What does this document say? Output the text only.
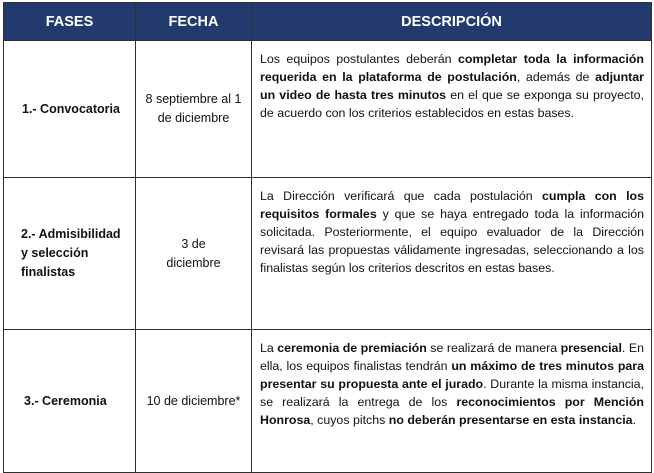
FASES	FECHA	DESCRIPCIÓN
1.- Convocatoria	8 septiembre al 1 de diciembre	Los equipos postulantes deberán completar toda la información requerida en la plataforma de postulación, además de adjuntar un video de hasta tres minutos en el que se exponga su proyecto, de acuerdo con los criterios establecidos en estas bases.
2.- Admisibilidad y selección finalistas	3 de diciembre	La Dirección verificará que cada postulación cumpla con los requisitos formales y que se haya entregado toda la información solicitada. Posteriormente, el equipo evaluador de la Dirección revisará las propuestas válidamente ingresadas, seleccionando a los finalistas según los criterios descritos en estas bases.
3.- Ceremonia	10 de diciembre*	La ceremonia de premiación se realizará de manera presencial. En ella, los equipos finalistas tendrán un máximo de tres minutos para presentar su propuesta ante el jurado. Durante la misma instancia, se realizará la entrega de los reconocimientos por Mención Honrosa, cuyos pitchs no deberán presentarse en esta instancia.
